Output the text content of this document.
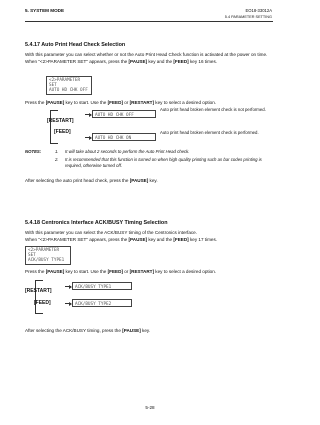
5. SYSTEM MODE	EO18-33012A
5.4 PARAMETER SETTING
5.4.17 Auto Print Head Check Selection
With this parameter you can select whether or not the Auto Print Head Check function is activated at the power on time. When "<2>PARAMETER SET" appears, press the [PAUSE] key and the [FEED] key 16 times.
<2>PARAMETER SET
AUTO HD CHK OFF
Press the [PAUSE] key to start. Use the [FEED] or [RESTART] key to select a desired option.
[RESTART]
[FEED]
AUTO HD CHK OFF
Auto print head broken element check is not performed.
AUTO HD CHK ON
Auto print head broken element check is performed.
NOTES:	1. It will take about 2 seconds to perform the Auto Print Head check.
2. It is recommended that this function is turned on when high quality printing such as bar codes printing is required, otherwise turned off.
After selecting the auto print head check, press the [PAUSE] key.
5.4.18 Centronics Interface ACK/BUSY Timing Selection
With this parameter you can select the ACK/BUSY timing of the Centronics interface.
When "<2>PARAMETER SET" appears, press the [PAUSE] key and the [FEED] key 17 times.
<2>PARAMETER SET
ACK/BUSY TYPE1
Press the [PAUSE] key to start. Use the [FEED] or [RESTART] key to select a desired option.
[RESTART]
[FEED]
ACK/BUSY TYPE1
ACK/BUSY TYPE2
After selecting the ACK/BUSY timing, press the [PAUSE] key.
5-28
